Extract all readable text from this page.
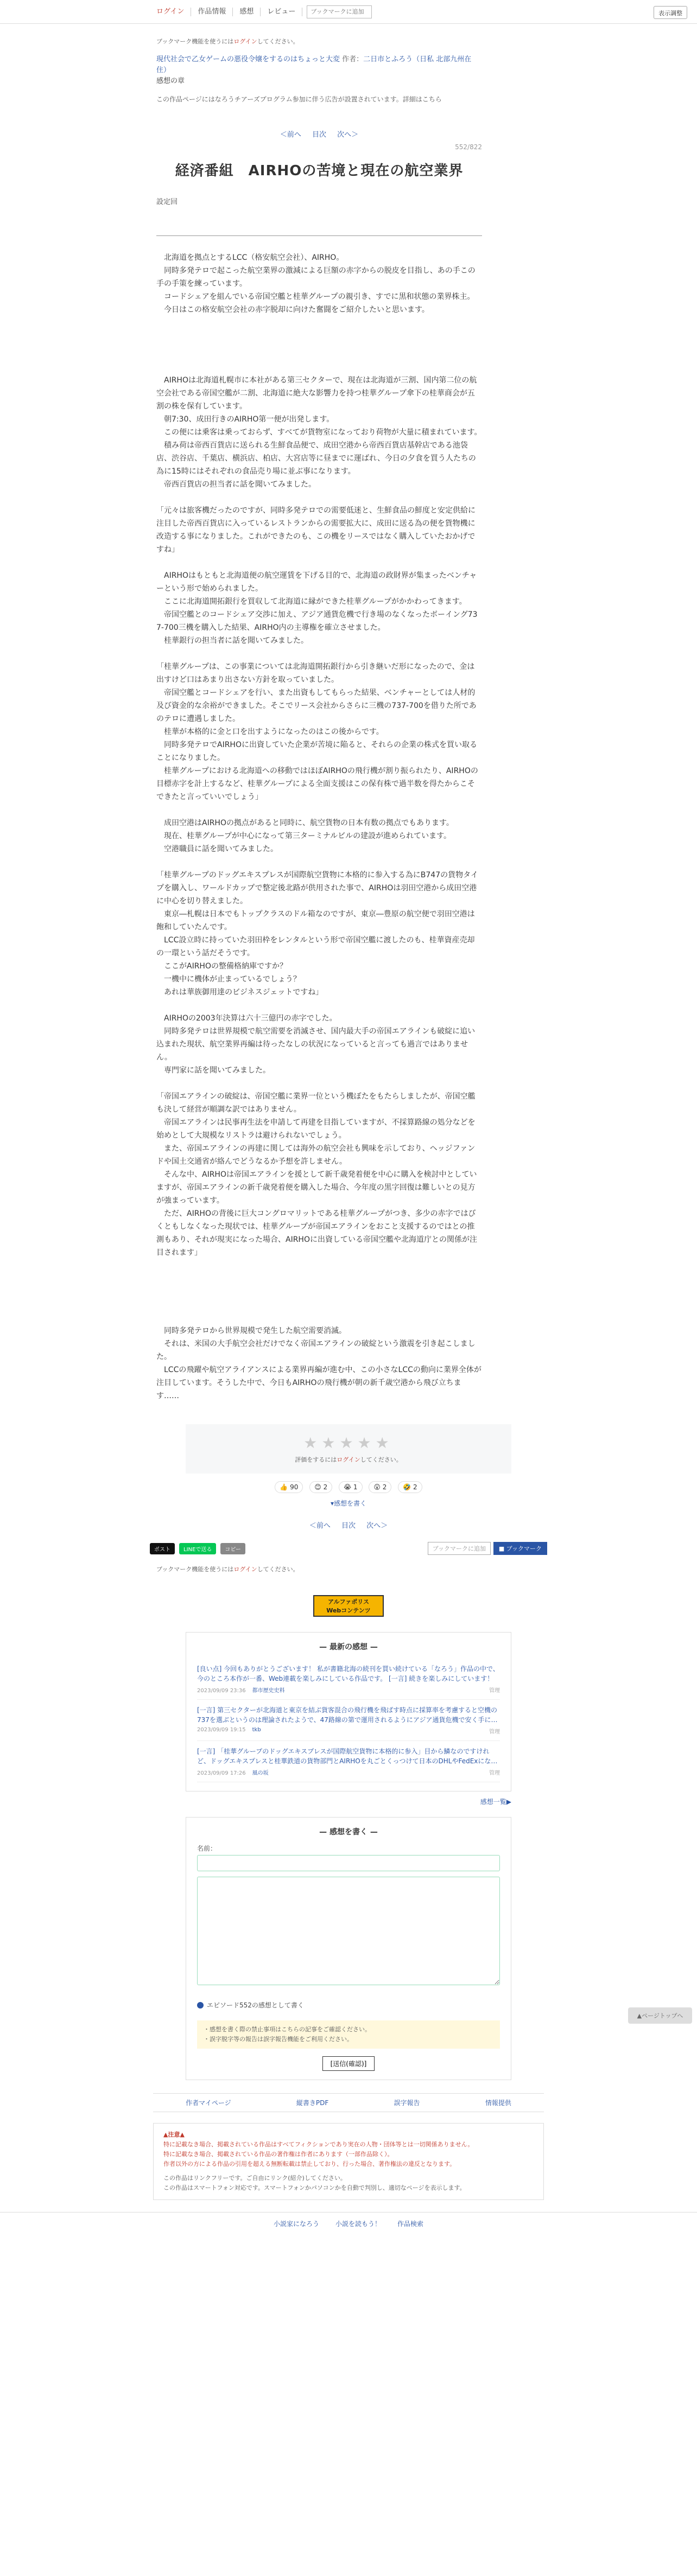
ログイン	作品情報	感想	レビュー
ブックマークに追加	表示調整
ブックマーク機能を使うにはログインしてください。
現代社会で乙女ゲームの悪役令嬢をするのはちょっと大変 作者：二日市とふろう（日私 北部九州在住）
感想の章
この作品ページにはなろうチアーズプログラム参加に伴う広告が設置されています。詳細はこちら
＜前へ 目次 次へ＞
552/822
経済番組　AIRHOの苦境と現在の航空業界
設定回

　北海道を拠点とするLCC（格安航空会社）、AIRHO。
　同時多発テロで起こった航空業界の激減による巨額の赤字からの脱皮を目指し、あの手この手の手策を練っています。
　コードシェアを組んでいる帝国空艦と桂華グループの親引き、すでに黒和状態の業界株主。
　今日はこの格安航空会社の赤字脱却に向けた奮闘をご紹介したいと思います。

　AIRHOは北海道札幌市に本社がある第三セクターで、現在は北海道が三割、国内第二位の航空会社である帝国空艦が二割、北海道に絶大な影響力を持つ桂華グループ傘下の桂華商会が五割の株を保有しています。
　朝7:30、成田行きのAIRHO第一便が出発します。
　この便には乗客は乗っておらず、すべてが貨物室になっており荷物が大量に積まれています。
　積み荷は帝西百貨店に送られる生鮮食品便で、成田空港から帝西百貨店基幹店である池袋店、渋谷店、千葉店、横浜店、柏店、大宮店等に昼までに運ばれ、今日の夕食を買う人たちの為に15時にはそれぞれの食品売り場に並ぶ事になります。
　帝西百貨店の担当者に話を聞いてみました。

「元々は旅客機だったのですが、同時多発テロでの需要低迷と、生鮮食品の鮮度と安定供給に注目した帝西百貨店に入っているレストランからの需要拡大に、成田に送る為の便を貨物機に改造する事になりました。これができたのも、この機をリースではなく購入していたおかげですね」

　AIRHOはもともと北海道便の航空運賃を下げる目的で、北海道の政財界が集まったベンチャーという形で始められました。
　ここに北海道開拓銀行を買収して北海道に縁ができた桂華グループがかかわってきます。
　帝国空艦とのコードシェア交渉に加え、アジア通貨危機で行き場のなくなったボーイング737-700三機を購入した結果、AIRHO内の主導権を確立させました。
　桂華銀行の担当者に話を聞いてみました。

「桂華グループは、この事業については北海道開拓銀行から引き継いだ形になったので、金は出すけど口はあまり出さない方針を取っていました。
　帝国空艦とコードシェアを行い、また出資もしてもらった結果、ベンチャーとしては人材的及び資金的な余裕ができました。そこでリース会社からさらに三機の737-700を借りた所であのテロに遭遇しました。
　桂華が本格的に金と口を出すようになったのはこの後からです。
　同時多発テロでAIRHOに出資していた企業が苦境に陥ると、それらの企業の株式を買い取ることになりました。
　桂華グループにおける北海道への移動ではほぼAIRHOの飛行機が割り振られたり、AIRHOの目標赤字を計上するなど、桂華グループによる全面支援はこの保有株で過半数を得たからこそできたと言っていいでしょう」

　成田空港はAIRHOの拠点があると同時に、航空貨物の日本有数の拠点でもあります。
　現在、桂華グループが中心になって第三ターミナルビルの建設が進められています。
　空港職員に話を聞いてみました。

「桂華グループのドッグエキスプレスが国際航空貨物に本格的に参入する為にB747の貨物タイプを購入し、ワールドカップで整定後北路が供用された事で、AIRHOは羽田空港から成田空港に中心を切り替えました。
　東京―札幌は日本でもトップクラスのドル箱なのですが、東京―豊原の航空便で羽田空港は飽和していたんです。
　LCC設立時に持っていた羽田枠をレンタルという形で帝国空艦に渡したのも、桂華資産売却の一環という話だそうです。
　ここがAIRHOの整備格納庫ですか？
　一機中に機体が止まっているでしょう？
　あれは華族御用達のビジネスジェットですね」

　AIRHOの2003年決算は六十三億円の赤字でした。
　同時多発テロは世界規模で航空需要を消滅させ、国内最大手の帝国エアラインも破綻に追い込まれた現状、航空業界再編は待ったなしの状況になっていると言っても過言ではありません。
　専門家に話を聞いてみました。

「帝国エアラインの破綻は、帝国空艦に業界一位という機ぼたをもたらしましたが、帝国空艦も決して経営が順調な訳ではありません。
　帝国エアラインは民事再生法を申請して再建を目指していますが、不採算路線の処分などを始めとして大規模なリストラは避けられないでしょう。
　また、帝国エアラインの再建に関しては海外の航空会社も興味を示しており、ヘッジファンドや国土交通省が絡んでどうなるか予想を許しません。
　そんな中、AIRHOは帝国エアラインを援として新千歳発着便を中心に購入を検討中としていますが、帝国エアラインの新千歳発着便を購入した場合、今年度の黒字回復は難しいとの見方が強まっています。
　ただ、AIRHOの背後に巨大コングロマリットである桂華グループがつき、多少の赤字ではびくともしなくなった現状では、桂華グループが帝国エアラインをおこと支援するのではとの推測もあり、それが現実になった場合、AIRHOに出資している帝国空艦や北海道庁との関係が注目されます」

　同時多発テロから世界規模で発生した航空需要消滅。
　それは、米国の大手航空会社だけでなく帝国エアラインの破綻という激震を引き起こしました。
　LCCの飛躍や航空アライアンスによる業界再編が進む中、この小さなLCCの動向に業界全体が注目しています。そうした中で、今日もAIRHOの飛行機が朝の新千歳空港から飛び立ちます……

★★★★★
評価をするにはログインしてください。
👍 90 😊 2 😭 1 😮 2 🤣 2
▾感想を書く
＜前へ 目次 次へ＞
ポスト	LINEで送る	コピー	ブックマークに追加	■ ブックマーク
ブックマーク機能を使うにはログインしてください。
アルファポリス
Webコンテンツ
— 最新の感想 —
[良い点] 今回もありがとうございます！ 私が書籍北海の続刊を買い続けている「なろう」作品の中で、今のところ本作が一番、Web連載を楽しみにしている作品です。 [一言] 続きを楽しみにしています！
2023/09/09 23:36 都市歴史史料	管理
[一言] 第三セクターが北海道と東京を結ぶ貨客混合の飛行機を飛ばす時点に採算率を考慮すると空機の737を選ぶというのは理論されたようで、47路線の第で運用されるようにアジア通貨危機で安く手に…
2023/09/09 19:15 tkb	管理
[一言] 「桂華グループのドッグエキスプレスが国際航空貨物に本格的に参入」目から鱗なのですけれど、ドッグエキスプレスと桂華鉄道の貨物部門とAIRHOを丸ごとくっつけて日本のDHLやFedExにな…
2023/09/09 17:26 風の坂	管理
感想一覧▶
▲ページトップへ
— 感想を書く —
名前：

エピソード552の感想として書く
・感想を書く際の禁止事項はこちらの記事をご確認ください。
・誤字脱字等の報告は誤字報告機能をご利用ください。
[送信(確認)]
作者マイページ	縦書きPDF	誤字報告	情報提供
▲注意▲
特に記載なき場合、掲載されている作品はすべてフィクションであり実在の人物・団体等とは一切関係ありません。
特に記載なき場合、掲載されている作品の著作権は作者にあります（一部作品除く）。
作者以外の方による作品の引用を超える無断転載は禁止しており、行った場合、著作権法の違反となります。
この作品はリンクフリーです。ご自由にリンク(紹介)してください。
この作品はスマートフォン対応です。スマートフォンかパソコンかを自動で判別し、適切なページを表示します。
小説家になろう	小説を読もう！	作品検索
